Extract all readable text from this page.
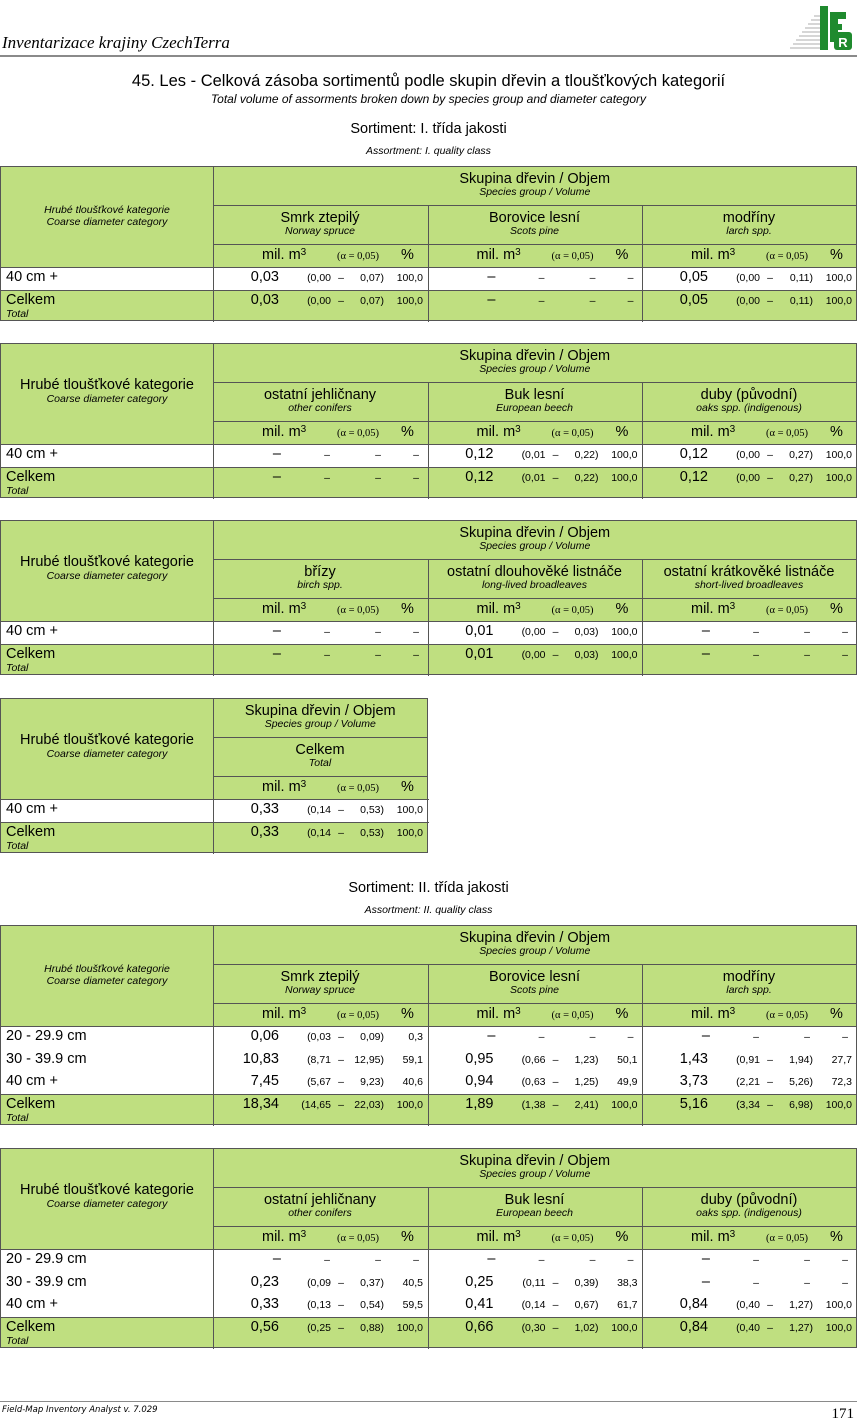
Inventarizace krajiny CzechTerra	R
45. Les - Celková zásoba sortimentů podle skupin dřevin a tloušťkových kategorií
Total volume of assorments broken down by species group and diameter category
Sortiment: I. třída jakosti
Assortment: I. quality class
Hrubé tloušťkové kategorie
Coarse diameter category
Skupina dřevin / Objem
Species group / Volume
Smrk ztepilý
Norway spruce
mil. $m^3$	(α = 0,05) %
Borovice lesní
Scots pine
mil. $m^3$	(α = 0,05) %
modříny
larch spp.
mil. $m^3$	(α = 0,05) %
40 cm +	0,03	(0,00 –	0,07)	100,0	–	–	–	–	0,05	(0,00 –	0,11)	100,0
Celkem
Total
0,03	(0,00 –	0,07)	100,0	–	–	–	–	0,05	(0,00 –	0,11)	100,0
Hrubé tloušťkové kategorie
Coarse diameter category
Skupina dřevin / Objem
Species group / Volume
ostatní jehličnany
other conifers
mil. $m^3$	(α = 0,05) %
Buk lesní
European beech
mil. $m^3$	(α = 0,05) %
duby (původní)
oaks spp. (indigenous)
mil. $m^3$	(α = 0,05) %
40 cm +	–	–	–	–	0,12	(0,01 –	0,22)	100,0	0,12	(0,00 –	0,27)	100,0
Celkem
Total
–	–	–	–	0,12	(0,01 –	0,22)	100,0	0,12	(0,00 –	0,27)	100,0
Hrubé tloušťkové kategorie
Coarse diameter category
Skupina dřevin / Objem
Species group / Volume
břízy
birch spp.
mil. $m^3$	(α = 0,05) %
ostatní dlouhověké listnáče
long-lived broadleaves
mil. $m^3$	(α = 0,05) %
ostatní krátkověké listnáče
short-lived broadleaves
mil. $m^3$	(α = 0,05) %
40 cm +	–	–	–	–	0,01	(0,00 –	0,03)	100,0	–	–	–	–
Celkem
Total
–	–	–	–	0,01	(0,00 –	0,03)	100,0	–	–	–	–
Hrubé tloušťkové kategorie
Coarse diameter category
Skupina dřevin / Objem
Species group / Volume
Celkem
Total
mil. $m^3$	(α = 0,05) %
40 cm +	0,33	(0,14 –	0,53)	100,0
Celkem
Total
0,33	(0,14 –	0,53)	100,0
Sortiment: II. třída jakosti
Assortment: II. quality class
Hrubé tloušťkové kategorie
Coarse diameter category
Skupina dřevin / Objem
Species group / Volume
Smrk ztepilý
Norway spruce
mil. $m^3$	(α = 0,05) %
Borovice lesní
Scots pine
mil. $m^3$	(α = 0,05) %
modříny
larch spp.
mil. $m^3$	(α = 0,05) %
20 - 29.9 cm	0,06	(0,03 –	0,09)	0,3	–	–	–	–	–	–	–	–
30 - 39.9 cm	10,83	(8,71 – 12,95)	59,1	0,95	(0,66 –	1,23)	50,1	1,43	(0,91 –	1,94)	27,7
40 cm +	7,45	(5,67 –	9,23)	40,6	0,94	(0,63 –	1,25)	49,9	3,73	(2,21 –	5,26)	72,3
Celkem
Total
18,34	(14,65 – 22,03)	100,0	1,89	(1,38 –	2,41)	100,0	5,16	(3,34 –	6,98)	100,0
Hrubé tloušťkové kategorie
Coarse diameter category
Skupina dřevin / Objem
Species group / Volume
ostatní jehličnany
other conifers
mil. $m^3$	(α = 0,05) %
Buk lesní
European beech
mil. $m^3$	(α = 0,05) %
duby (původní)
oaks spp. (indigenous)
mil. $m^3$	(α = 0,05) %
20 - 29.9 cm	–	–	–	–	–	–	–	–	–	–	–	–
30 - 39.9 cm	0,23	(0,09 –	0,37)	40,5	0,25	(0,11 –	0,39)	38,3	–	–	–	–
40 cm +	0,33	(0,13 –	0,54)	59,5	0,41	(0,14 –	0,67)	61,7	0,84	(0,40 –	1,27)	100,0
Celkem
Total
0,56	(0,25 –	0,88)	100,0	0,66	(0,30 –	1,02)	100,0	0,84	(0,40 –	1,27)	100,0
Field-Map Inventory Analyst v. 7.029	171
